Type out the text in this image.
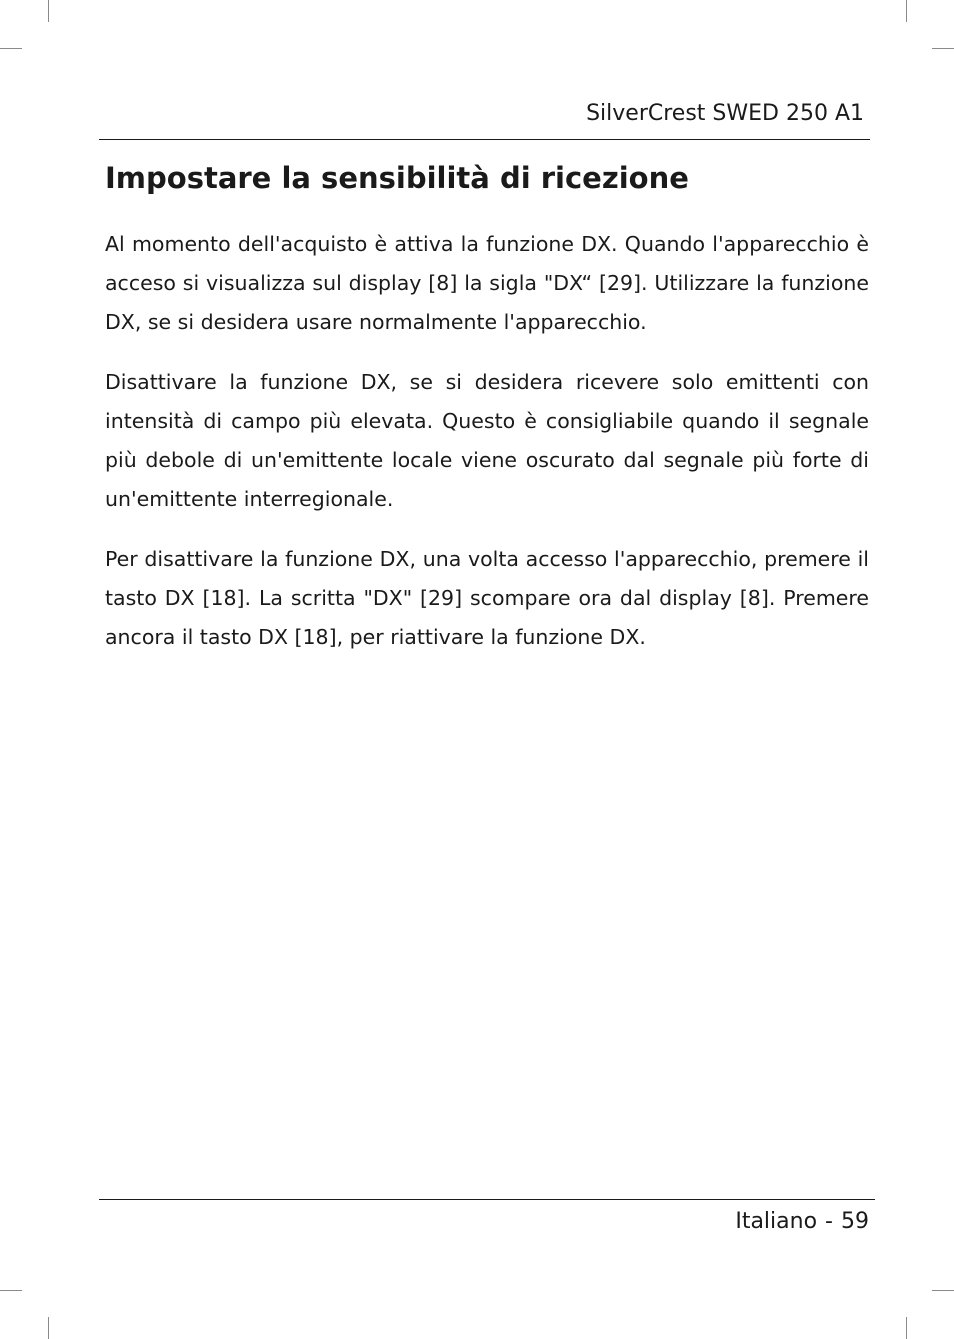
SilverCrest SWED 250 A1
Impostare la sensibilità di ricezione

Al momento dell'acquisto è attiva la funzione DX. Quando l'apparecchio è acceso si visualizza sul display [8] la sigla "DX“ [29]. Utilizzare la funzione DX, se si desidera usare normalmente l'apparecchio.

Disattivare la funzione DX, se si desidera ricevere solo emittenti con intensità di campo più elevata. Questo è consigliabile quando il segnale più debole di un'emittente locale viene oscurato dal segnale più forte di un'emittente interregionale.

Per disattivare la funzione DX, una volta accesso l'apparecchio, premere il tasto DX [18]. La scritta "DX" [29] scompare ora dal display [8]. Premere ancora il tasto DX [18], per riattivare la funzione DX.

Italiano - 59
